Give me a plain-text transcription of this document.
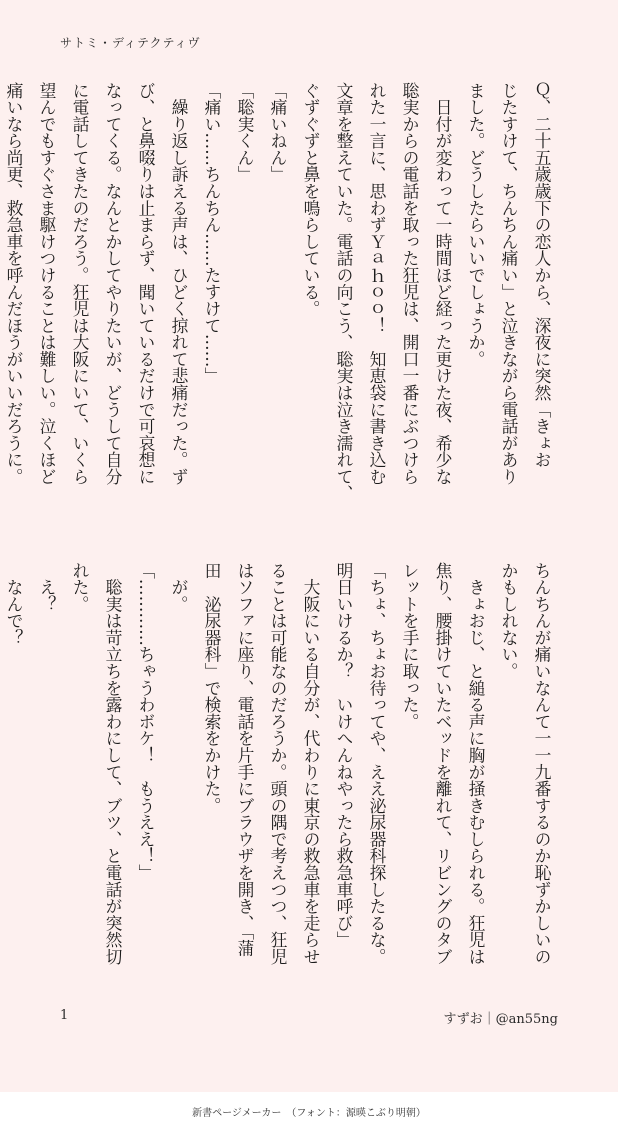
サトミ・ディテクティヴ

Ｑ、二十五歳歳下の恋人から、深夜に突然「きょお

じたすけて、ちんちん痛い」と泣きながら電話があり

ました。どうしたらいいでしょうか。

　日付が変わって一時間ほど経った更けた夜、希少な

聡実からの電話を取った狂児は、開口一番にぶつけら

れた一言に、思わずＹａｈｏｏ！　知恵袋に書き込む

文章を整えていた。電話の向こう、聡実は泣き濡れて、

ぐずぐずと鼻を鳴らしている。

「痛いねん」

「聡実くん」

「痛い……ちんちん……たすけて……」

　繰り返し訴える声は、ひどく掠れて悲痛だった。ず

び、と鼻啜りは止まらず、聞いているだけで可哀想に

なってくる。なんとかしてやりたいが、どうして自分

に電話してきたのだろう。狂児は大阪にいて、いくら

望んでもすぐさま駆けつけることは難しい。泣くほど

痛いなら尚更、救急車を呼んだほうがいいだろうに。

ちんちんが痛いなんて一一九番するのか恥ずかしいの

かもしれない。

　きょおじ、と縋る声に胸が掻きむしられる。狂児は

焦り、腰掛けていたベッドを離れて、リビングのタブ

レットを手に取った。

「ちょ、ちょお待ってや、ええ泌尿器科探したるな。

明日いけるか？　いけへんねやったら救急車呼び」

　大阪にいる自分が、代わりに東京の救急車を走らせ

ることは可能なのだろうか。頭の隅で考えつつ、狂児

はソファに座り、電話を片手にブラウザを開き、「蒲

田　泌尿器科」で検索をかけた。

　が。

「…………ちゃうわボケ！　もうええ！」

　聡実は苛立ちを露わにして、ブツ、と電話が突然切

れた。

　え？

　なんで？

1	すずお｜@an55ng
新書ページメーカー　（フォント：源暎こぶり明朝）
